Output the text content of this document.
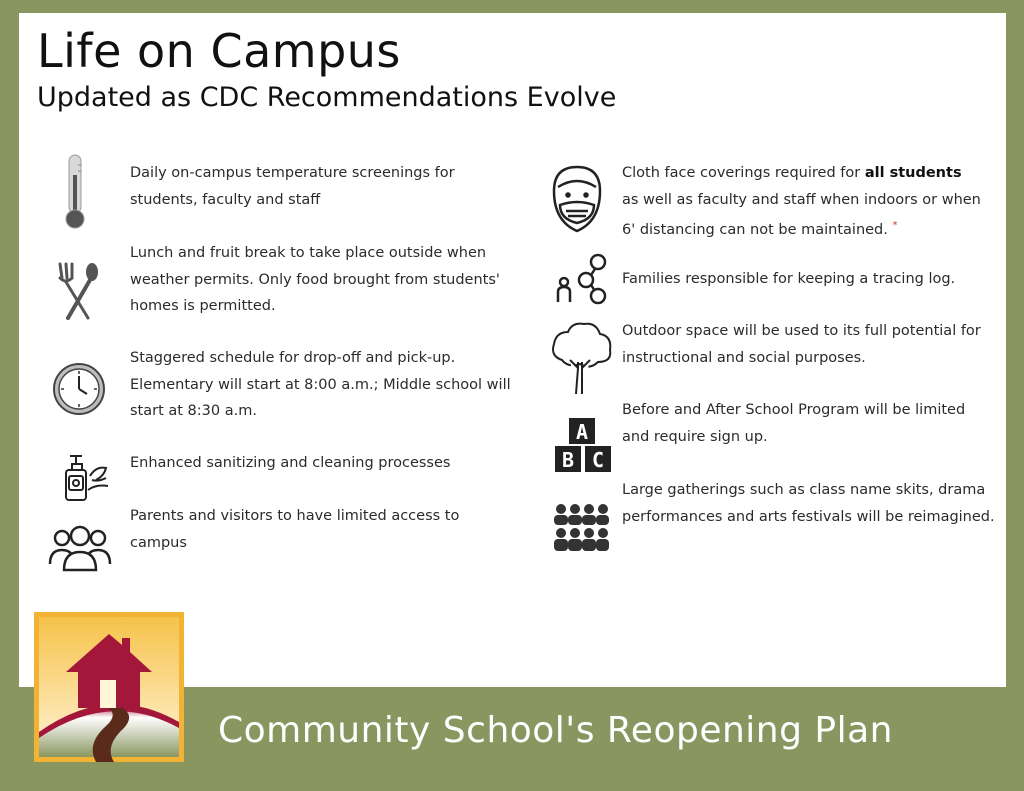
Life on Campus
Updated as CDC Recommendations Evolve
Daily on-campus temperature screenings for students, faculty and staff
Lunch and fruit break to take place outside when weather permits. Only food brought from students' homes is permitted.
Staggered schedule for drop-off and pick-up. Elementary will start at 8:00 a.m.; Middle school will start at 8:30 a.m.
Enhanced sanitizing and cleaning processes
Parents and visitors to have limited access to campus
Cloth face coverings required for all students as well as faculty and staff when indoors or when 6' distancing can not be maintained. *
Families responsible for keeping a tracing log.
Outdoor space will be used to its full potential for instructional and social purposes.
A
B C
Before and After School Program will be limited and require sign up.
Large gatherings such as class name skits, drama performances and arts festivals will be reimagined.
Community School's Reopening Plan
